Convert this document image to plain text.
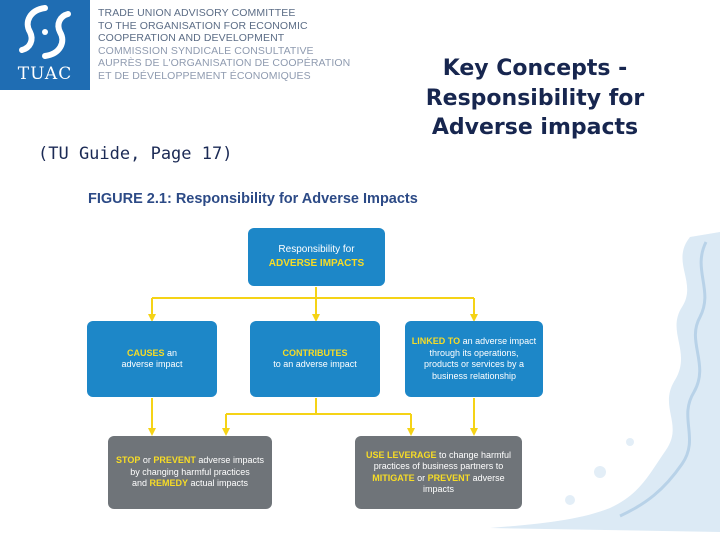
TUAC
TRADE UNION ADVISORY COMMITTEE
TO THE ORGANISATION FOR ECONOMIC
COOPERATION AND DEVELOPMENT
COMMISSION SYNDICALE CONSULTATIVE
AUPRÈS DE L'ORGANISATION DE COOPÉRATION
ET DE DÉVELOPPEMENT ÉCONOMIQUES
(TU Guide, Page 17)
Key Concepts - Responsibility for Adverse impacts
FIGURE 2.1: Responsibility for Adverse Impacts
Responsibility for
ADVERSE IMPACTS
CAUSES an
adverse impact
CONTRIBUTES
to an adverse impact
LINKED TO an adverse impact
through its operations,
products or services by a
business relationship
STOP or PREVENT adverse impacts
by changing harmful practices
and REMEDY actual impacts
USE LEVERAGE to change harmful
practices of business partners to
MITIGATE or PREVENT adverse impacts
